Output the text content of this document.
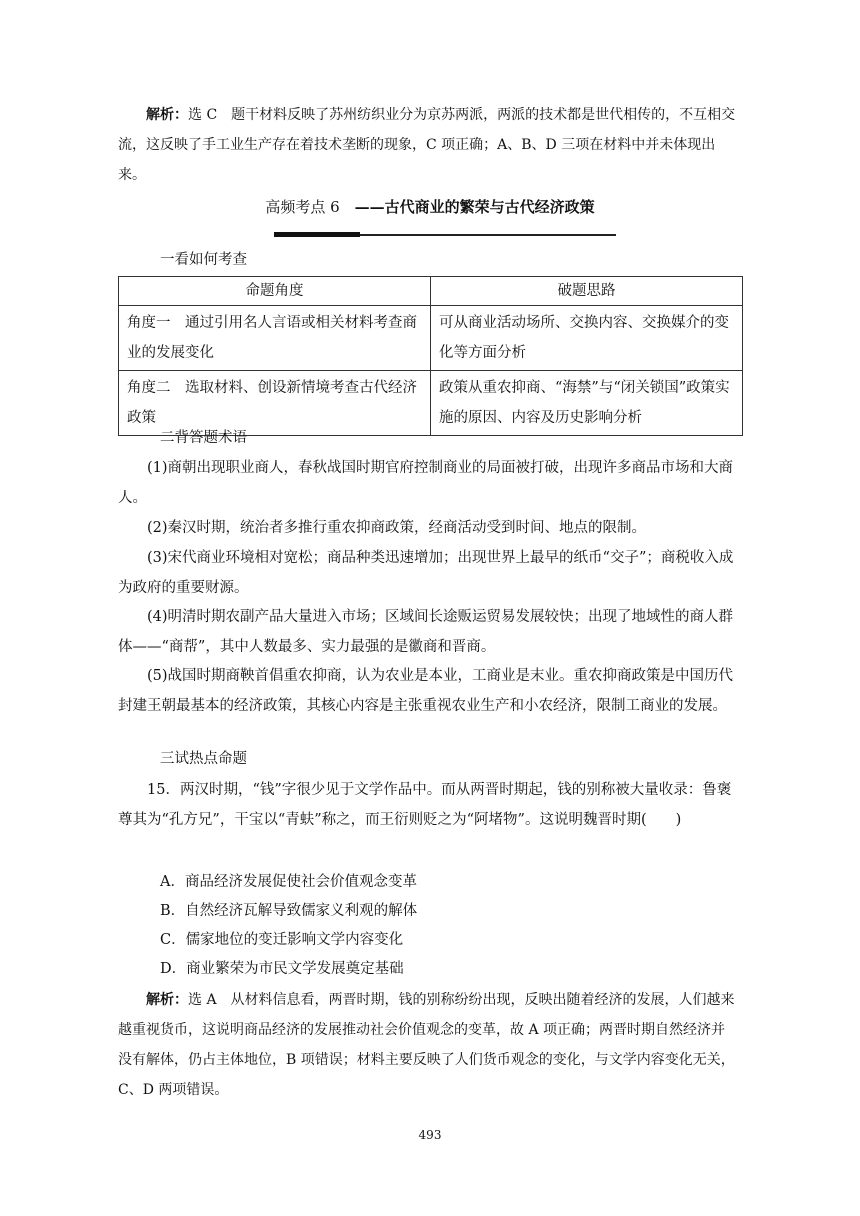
解析：选 C　题干材料反映了苏州纺织业分为京苏两派，两派的技术都是世代相传的，不互相交流，这反映了手工业生产存在着技术垄断的现象，C 项正确；A、B、D 三项在材料中并未体现出来。

高频考点 6　——古代商业的繁荣与古代经济政策
一看如何考查
命题角度	破题思路
角度一　通过引用名人言语或相关材料考查商业的发展变化	可从商业活动场所、交换内容、交换媒介的变化等方面分析
角度二　选取材料、创设新情境考查古代经济政策	政策从重农抑商、“海禁”与“闭关锁国”政策实施的原因、内容及历史影响分析
二背答题术语

(1)商朝出现职业商人，春秋战国时期官府控制商业的局面被打破，出现许多商品市场和大商人。

(2)秦汉时期，统治者多推行重农抑商政策，经商活动受到时间、地点的限制。

(3)宋代商业环境相对宽松；商品种类迅速增加；出现世界上最早的纸币“交子”；商税收入成为政府的重要财源。

(4)明清时期农副产品大量进入市场；区域间长途贩运贸易发展较快；出现了地域性的商人群体——“商帮”，其中人数最多、实力最强的是徽商和晋商。

(5)战国时期商鞅首倡重农抑商，认为农业是本业，工商业是末业。重农抑商政策是中国历代封建王朝最基本的经济政策，其核心内容是主张重视农业生产和小农经济，限制工商业的发展。

三试热点命题

15．两汉时期，“钱”字很少见于文学作品中。而从两晋时期起，钱的别称被大量收录：鲁褒尊其为“孔方兄”，干宝以“青蚨”称之，而王衍则贬之为“阿堵物”。这说明魏晋时期(　　)

A．商品经济发展促使社会价值观念变革
B．自然经济瓦解导致儒家义利观的解体
C．儒家地位的变迁影响文学内容变化
D．商业繁荣为市民文学发展奠定基础

解析：选 A　从材料信息看，两晋时期，钱的别称纷纷出现，反映出随着经济的发展，人们越来越重视货币，这说明商品经济的发展推动社会价值观念的变革，故 A 项正确；两晋时期自然经济并没有解体，仍占主体地位，B 项错误；材料主要反映了人们货币观念的变化，与文学内容变化无关，C、D 两项错误。

493
